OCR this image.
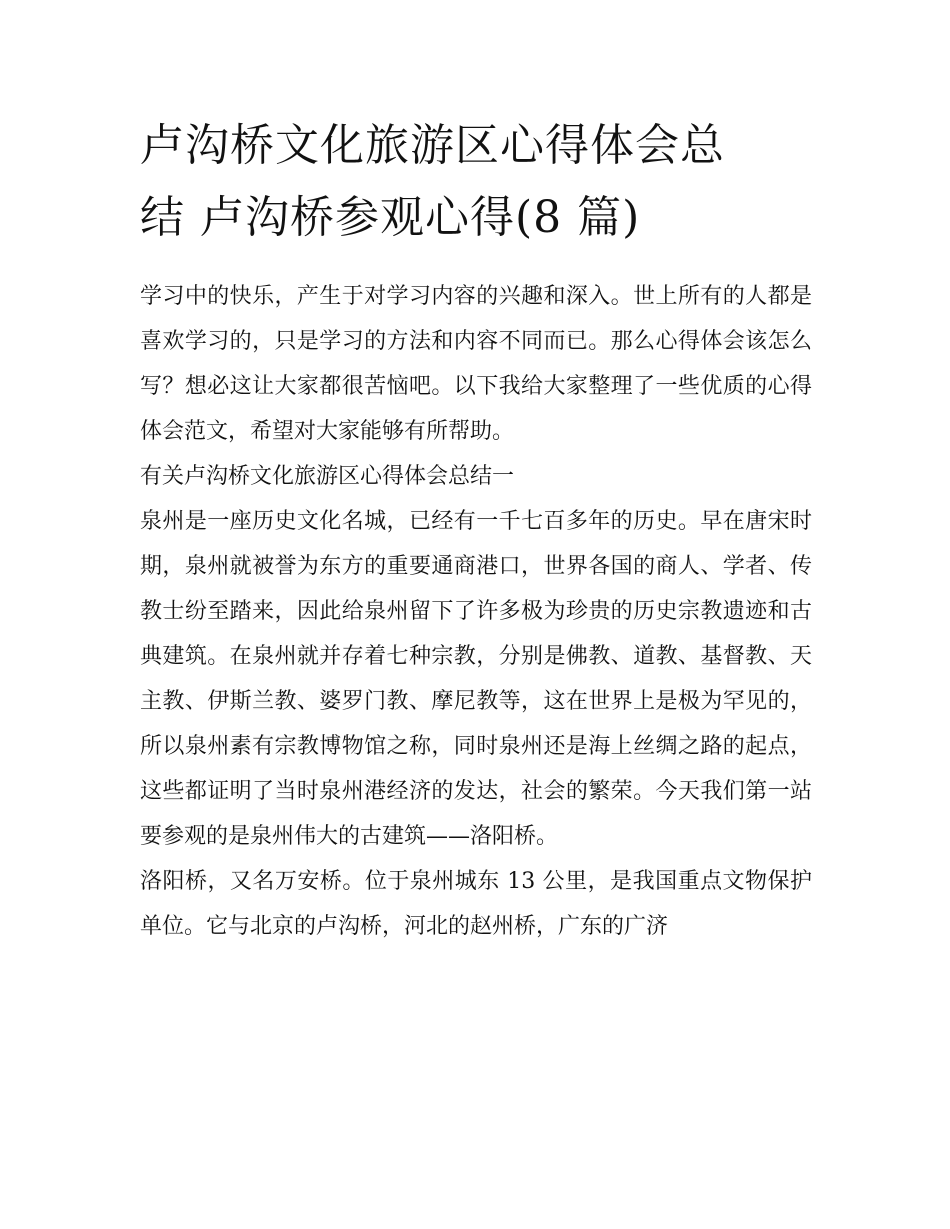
卢沟桥文化旅游区心得体会总
结 卢沟桥参观心得(8 篇)

学习中的快乐，产生于对学习内容的兴趣和深入。世上所有的人都是喜欢学习的，只是学习的方法和内容不同而已。那么心得体会该怎么写？想必这让大家都很苦恼吧。以下我给大家整理了一些优质的心得体会范文，希望对大家能够有所帮助。

有关卢沟桥文化旅游区心得体会总结一

泉州是一座历史文化名城，已经有一千七百多年的历史。早在唐宋时期，泉州就被誉为东方的重要通商港口，世界各国的商人、学者、传教士纷至踏来，因此给泉州留下了许多极为珍贵的历史宗教遗迹和古典建筑。在泉州就并存着七种宗教，分别是佛教、道教、基督教、天主教、伊斯兰教、婆罗门教、摩尼教等，这在世界上是极为罕见的，所以泉州素有宗教博物馆之称，同时泉州还是海上丝绸之路的起点，这些都证明了当时泉州港经济的发达，社会的繁荣。今天我们第一站要参观的是泉州伟大的古建筑——洛阳桥。

洛阳桥，又名万安桥。位于泉州城东 13 公里，是我国重点文物保护单位。它与北京的卢沟桥，河北的赵州桥，广东的广济
